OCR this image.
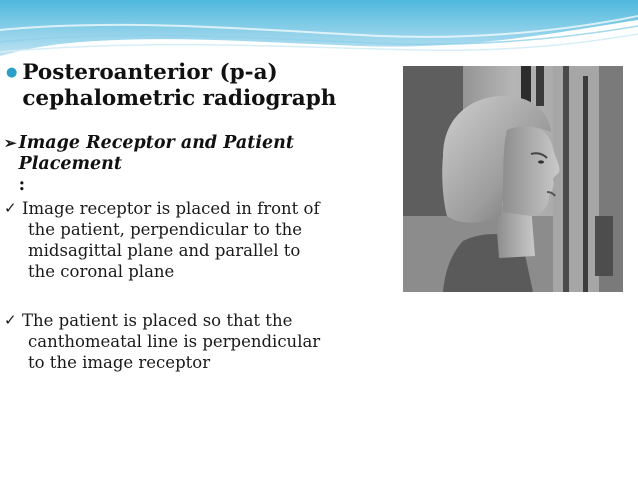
● Posteroanterior (p-a)
cephalometric radiograph
➢ Image Receptor and Patient
Placement
:
✓ Image receptor is placed in front of
the patient, perpendicular to the
midsagittal plane and parallel to
the coronal plane
✓ The patient is placed so that the
canthomeatal line is perpendicular
to the image receptor
